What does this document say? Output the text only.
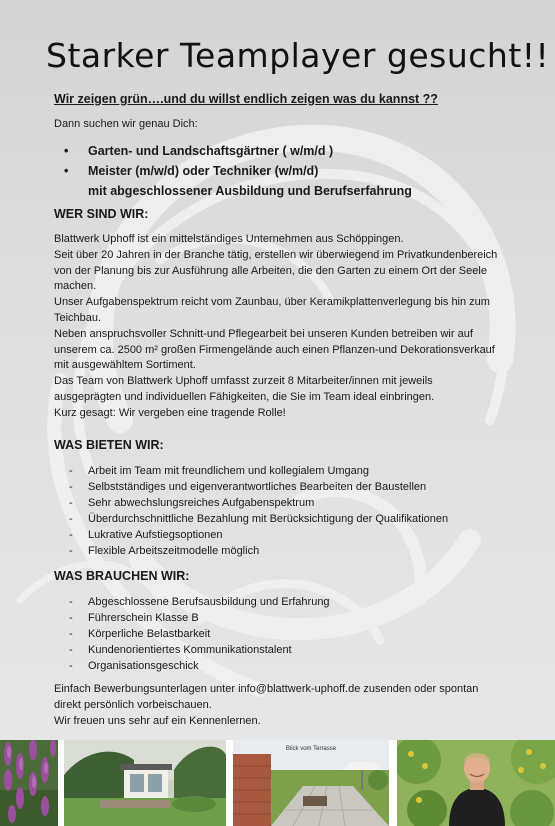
Starker Teamplayer gesucht!!
Wir zeigen grün….und du willst endlich zeigen was du kannst ??
Dann suchen wir genau Dich:
• Garten- und Landschaftsgärtner ( w/m/d )
• Meister (m/w/d) oder Techniker (w/m/d)
mit abgeschlossener Ausbildung und Berufserfahrung
WER SIND WIR:
Blattwerk Uphoff ist ein mittelständiges Unternehmen aus Schöppingen.
Seit über 20 Jahren in der Branche tätig, erstellen wir überwiegend im Privatkundenbereich
von der Planung bis zur Ausführung alle Arbeiten, die den Garten zu einem Ort der Seele
machen.
Unser Aufgabenspektrum reicht vom Zaunbau, über Keramikplattenverlegung bis hin zum
Teichbau.
Neben anspruchsvoller Schnitt-und Pflegearbeit bei unseren Kunden betreiben wir auf
unserem ca. 2500 m² großen Firmengelände auch einen Pflanzen-und Dekorationsverkauf
mit ausgewähltem Sortiment.
Das Team von Blattwerk Uphoff umfasst zurzeit 8 Mitarbeiter/innen mit jeweils
ausgeprägten und individuellen Fähigkeiten, die Sie im Team ideal einbringen.
Kurz gesagt: Wir vergeben eine tragende Rolle!
WAS BIETEN WIR:
- Arbeit im Team mit freundlichem und kollegialem Umgang
- Selbstständiges und eigenverantwortliches Bearbeiten der Baustellen
- Sehr abwechslungsreiches Aufgabenspektrum
- Überdurchschnittliche Bezahlung mit Berücksichtigung der Qualifikationen
- Lukrative Aufstiegsoptionen
- Flexible Arbeitszeitmodelle möglich
WAS BRAUCHEN WIR:
- Abgeschlossene Berufsausbildung und Erfahrung
- Führerschein Klasse B
- Körperliche Belastbarkeit
- Kundenorientiertes Kommunikationstalent
- Organisationsgeschick
Einfach Bewerbungsunterlagen unter info@blattwerk-uphoff.de zusenden oder spontan
direkt persönlich vorbeischauen.
Wir freuen uns sehr auf ein Kennenlernen.
Blick vom Terrasse
